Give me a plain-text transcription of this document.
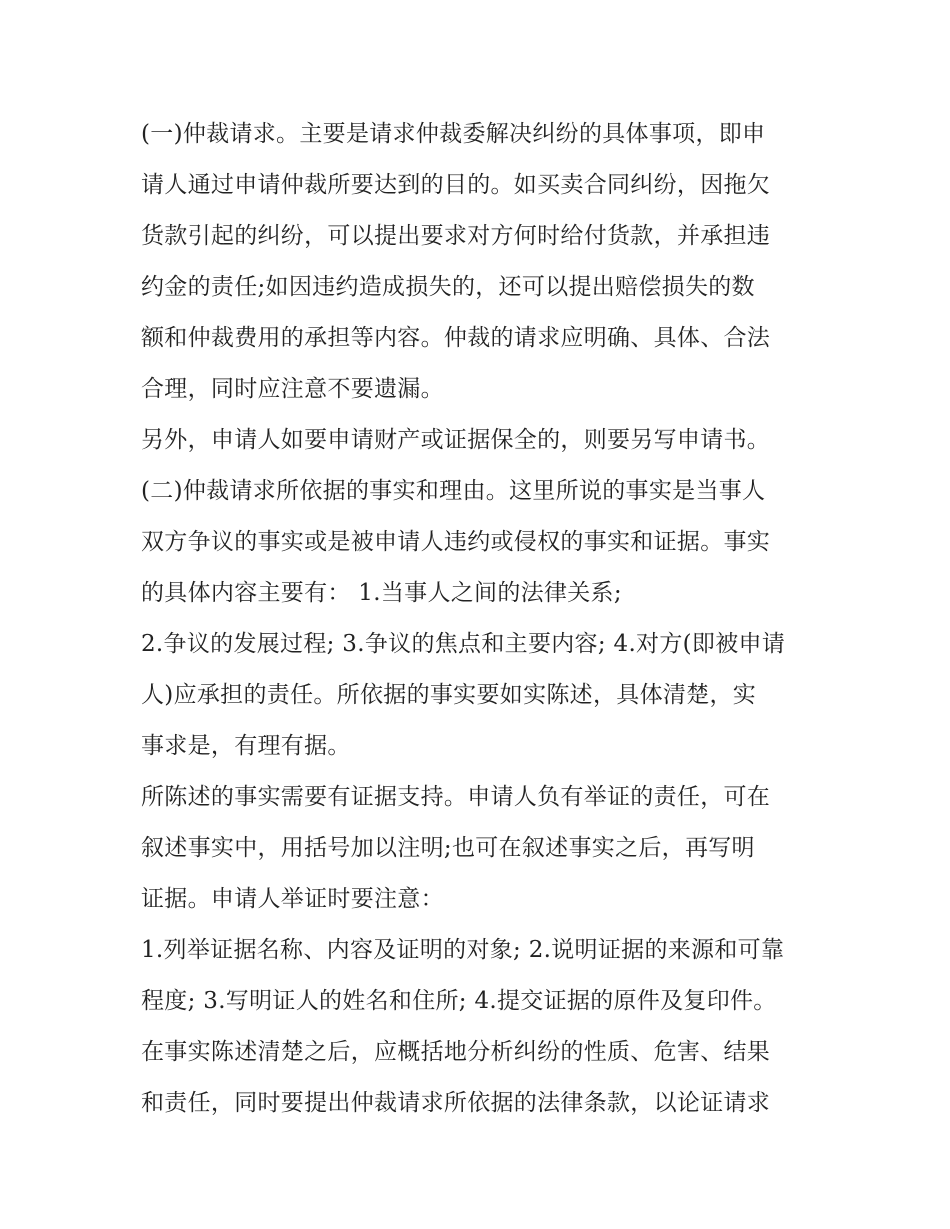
(一)仲裁请求。主要是请求仲裁委解决纠纷的具体事项，即申
请人通过申请仲裁所要达到的目的。如买卖合同纠纷，因拖欠
货款引起的纠纷，可以提出要求对方何时给付货款，并承担违
约金的责任;如因违约造成损失的，还可以提出赔偿损失的数
额和仲裁费用的承担等内容。仲裁的请求应明确、具体、合法
合理，同时应注意不要遗漏。
另外，申请人如要申请财产或证据保全的，则要另写申请书。
(二)仲裁请求所依据的事实和理由。这里所说的事实是当事人
双方争议的事实或是被申请人违约或侵权的事实和证据。事实
的具体内容主要有： 1.当事人之间的法律关系;
2.争议的发展过程; 3.争议的焦点和主要内容; 4.对方(即被申请
人)应承担的责任。所依据的事实要如实陈述，具体清楚，实
事求是，有理有据。
所陈述的事实需要有证据支持。申请人负有举证的责任，可在
叙述事实中，用括号加以注明;也可在叙述事实之后，再写明
证据。申请人举证时要注意：
1.列举证据名称、内容及证明的对象; 2.说明证据的来源和可靠
程度; 3.写明证人的姓名和住所; 4.提交证据的原件及复印件。
在事实陈述清楚之后，应概括地分析纠纷的性质、危害、结果
和责任，同时要提出仲裁请求所依据的法律条款，以论证请求
